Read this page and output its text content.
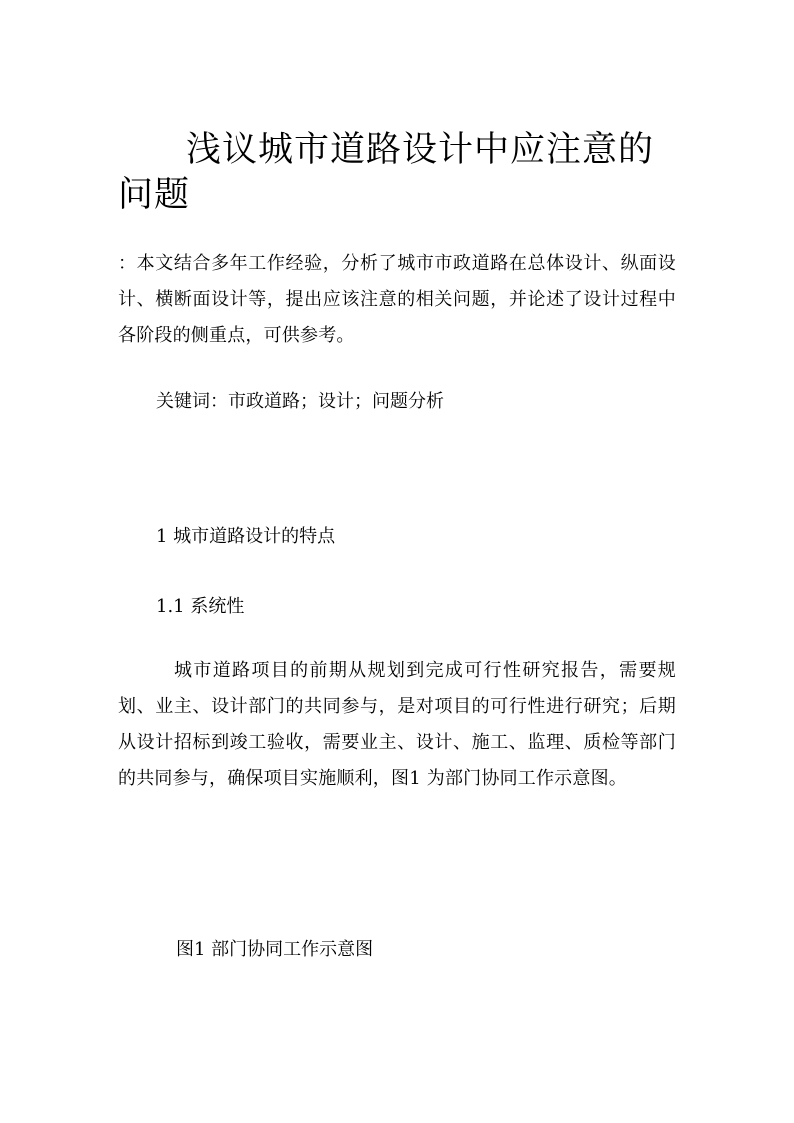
浅议城市道路设计中应注意的问题

：本文结合多年工作经验，分析了城市市政道路在总体设计、纵面设计、横断面设计等，提出应该注意的相关问题，并论述了设计过程中各阶段的侧重点，可供参考。

关键词：市政道路；设计；问题分析

1 城市道路设计的特点

1.1 系统性

城市道路项目的前期从规划到完成可行性研究报告，需要规划、业主、设计部门的共同参与，是对项目的可行性进行研究；后期从设计招标到竣工验收，需要业主、设计、施工、监理、质检等部门的共同参与，确保项目实施顺利，图1 为部门协同工作示意图。

图1 部门协同工作示意图
